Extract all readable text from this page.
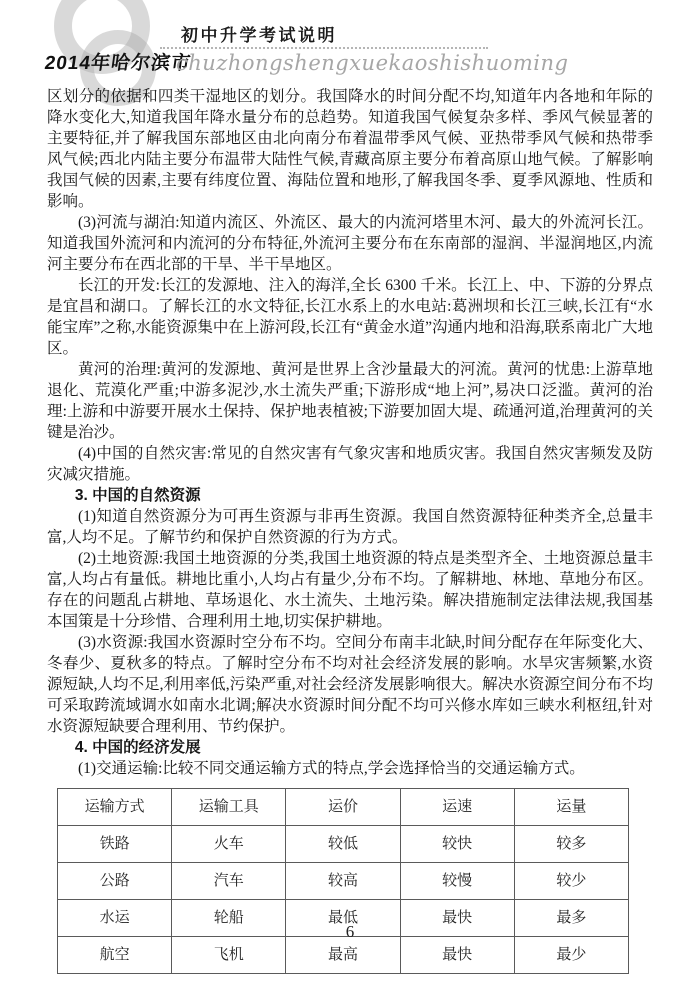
初中升学考试说明
2014年哈尔滨市
chuzhongshengxuekaoshishuoming

区划分的依据和四类干湿地区的划分。我国降水的时间分配不均,知道年内各地和年际的降水变化大,知道我国年降水量分布的总趋势。知道我国气候复杂多样、季风气候显著的主要特征,并了解我国东部地区由北向南分布着温带季风气候、亚热带季风气候和热带季风气候;西北内陆主要分布温带大陆性气候,青藏高原主要分布着高原山地气候。了解影响我国气候的因素,主要有纬度位置、海陆位置和地形,了解我国冬季、夏季风源地、性质和影响。

(3)河流与湖泊:知道内流区、外流区、最大的内流河塔里木河、最大的外流河长江。知道我国外流河和内流河的分布特征,外流河主要分布在东南部的湿润、半湿润地区,内流河主要分布在西北部的干旱、半干旱地区。

长江的开发:长江的发源地、注入的海洋,全长 6300 千米。长江上、中、下游的分界点是宜昌和湖口。了解长江的水文特征,长江水系上的水电站:葛洲坝和长江三峡,长江有“水能宝库”之称,水能资源集中在上游河段,长江有“黄金水道”沟通内地和沿海,联系南北广大地区。

黄河的治理:黄河的发源地、黄河是世界上含沙量最大的河流。黄河的忧患:上游草地退化、荒漠化严重;中游多泥沙,水土流失严重;下游形成“地上河”,易决口泛滥。黄河的治理:上游和中游要开展水土保持、保护地表植被;下游要加固大堤、疏通河道,治理黄河的关键是治沙。

(4)中国的自然灾害:常见的自然灾害有气象灾害和地质灾害。我国自然灾害频发及防灾减灾措施。

3. 中国的自然资源

(1)知道自然资源分为可再生资源与非再生资源。我国自然资源特征种类齐全,总量丰富,人均不足。了解节约和保护自然资源的行为方式。

(2)土地资源:我国土地资源的分类,我国土地资源的特点是类型齐全、土地资源总量丰富,人均占有量低。耕地比重小,人均占有量少,分布不均。了解耕地、林地、草地分布区。存在的问题乱占耕地、草场退化、水土流失、土地污染。解决措施制定法律法规,我国基本国策是十分珍惜、合理利用土地,切实保护耕地。

(3)水资源:我国水资源时空分布不均。空间分布南丰北缺,时间分配存在年际变化大、冬春少、夏秋多的特点。了解时空分布不均对社会经济发展的影响。水旱灾害频繁,水资源短缺,人均不足,利用率低,污染严重,对社会经济发展影响很大。解决水资源空间分布不均可采取跨流域调水如南水北调;解决水资源时间分配不均可兴修水库如三峡水利枢纽,针对水资源短缺要合理利用、节约保护。

4. 中国的经济发展

(1)交通运输:比较不同交通运输方式的特点,学会选择恰当的交通运输方式。

运输方式	运输工具	运价	运速	运量
铁路	火车	较低	较快	较多
公路	汽车	较高	较慢	较少
水运	轮船	最低	最快	最多
航空	飞机	最高	最快	最少
6
